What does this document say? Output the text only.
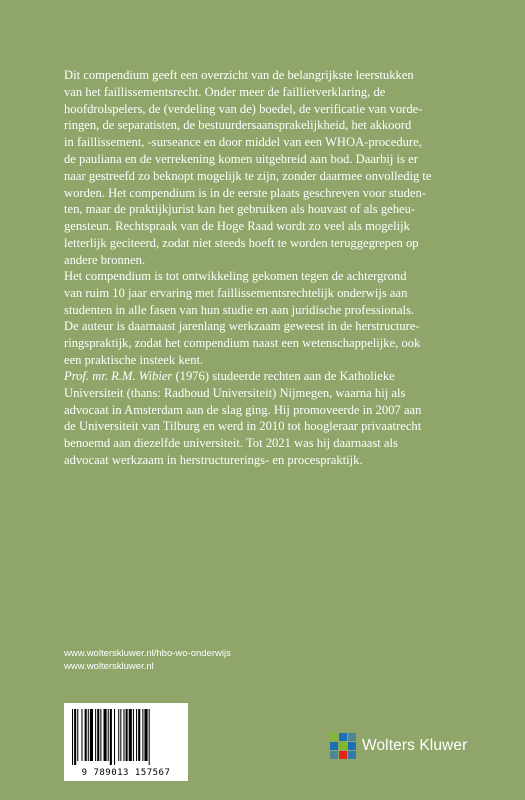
Dit compendium geeft een overzicht van de belangrijkste leerstukken

van het faillissementsrecht. Onder meer de faillietverklaring, de

hoofdrolspelers, de (verdeling van de) boedel, de verificatie van vorde-

ringen, de separatisten, de bestuurdersaansprakelijkheid, het akkoord

in faillissement, -surseance en door middel van een WHOA-procedure,

de pauliana en de verrekening komen uitgebreid aan bod. Daarbij is er

naar gestreefd zo beknopt mogelijk te zijn, zonder daarmee onvolledig te

worden. Het compendium is in de eerste plaats geschreven voor studen-

ten, maar de praktijkjurist kan het gebruiken als houvast of als geheu-

gensteun. Rechtspraak van de Hoge Raad wordt zo veel als mogelijk

letterlijk geciteerd, zodat niet steeds hoeft te worden teruggegrepen op

andere bronnen.

Het compendium is tot ontwikkeling gekomen tegen de achtergrond

van ruim 10 jaar ervaring met faillissementsrechtelijk onderwijs aan

studenten in alle fasen van hun studie en aan juridische professionals.

De auteur is daarnaast jarenlang werkzaam geweest in de herstructure-

ringspraktijk, zodat het compendium naast een wetenschappelijke, ook

een praktische insteek kent.

Prof. mr. R.M. Wibier (1976) studeerde rechten aan de Katholieke

Universiteit (thans: Radboud Universiteit) Nijmegen, waarna hij als

advocaat in Amsterdam aan de slag ging. Hij promoveerde in 2007 aan

de Universiteit van Tilburg en werd in 2010 tot hoogleraar privaatrecht

benoemd aan diezelfde universiteit. Tot 2021 was hij daarnaast als

advocaat werkzaam in herstructurerings- en procespraktijk.

www.wolterskluwer.nl/hbo-wo-onderwijs
www.wolterskluwer.nl
9 789013 157567
Wolters Kluwer
